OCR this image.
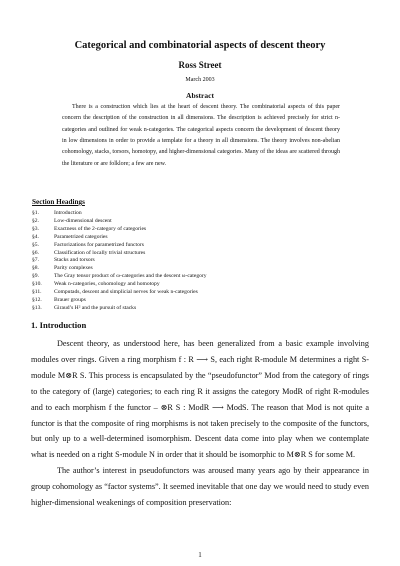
Categorical and combinatorial aspects of descent theory
Ross Street
March 2003
Abstract
There is a construction which lies at the heart of descent theory. The combinatorial aspects of this paper concern the description of the construction in all dimensions. The description is achieved precisely for strict n-categories and outlined for weak n-categories. The categorical aspects concern the development of descent theory in low dimensions in order to provide a template for a theory in all dimensions. The theory involves non-abelian cohomology, stacks, torsors, homotopy, and higher-dimensional categories. Many of the ideas are scattered through the literature or are folklore; a few are new.
Section Headings
§1.	Introduction
§2.	Low-dimensional descent
§3.	Exactness of the 2-category of categories
§4.	Parametrized categories
§5.	Factorizations for parametrized functors
§6.	Classification of locally trivial structures
§7.	Stacks and torsors
§8.	Parity complexes
§9.	The Gray tensor product of ω-categories and the descent ω-category
§10.	Weak n-categories, cohomology and homotopy
§11.	Computads, descent and simplicial nerves for weak n-categories
§12.	Brauer groups
§13.	Giraud’s H² and the pursuit of stacks
1. Introduction

Descent theory, as understood here, has been generalized from a basic example involving modules over rings. Given a ring morphism f : R ⟶ S, each right R-module M determines a right S-module M⊗R S. This process is encapsulated by the “pseudofunctor” Mod from the category of rings to the category of (large) categories; to each ring R it assigns the category ModR of right R-modules and to each morphism f the functor – ⊗R S : ModR ⟶ ModS. The reason that Mod is not quite a functor is that the composite of ring morphisms is not taken precisely to the composite of the functors, but only up to a well-determined isomorphism. Descent data come into play when we contemplate what is needed on a right S-module N in order that it should be isomorphic to M⊗R S for some M.

The author’s interest in pseudofunctors was aroused many years ago by their appearance in group cohomology as “factor systems”. It seemed inevitable that one day we would need to study even higher-dimensional weakenings of composition preservation:

1
